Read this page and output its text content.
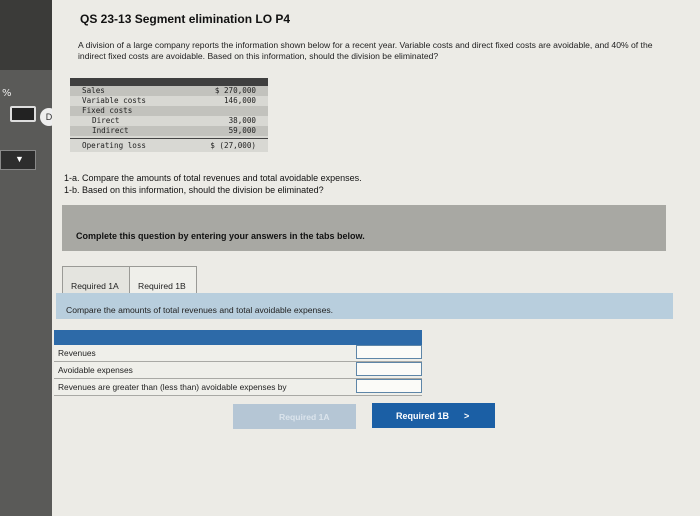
%
D
▼
QS 23-13 Segment elimination LO P4
A division of a large company reports the information shown below for a recent year. Variable costs and direct fixed costs are avoidable, and 40% of the indirect fixed costs are avoidable. Based on this information, should the division be eliminated?
Sales	$ 270,000
Variable costs	146,000
Fixed costs
Direct	38,000
Indirect	59,000
Operating loss	$ (27,000)
1-a. Compare the amounts of total revenues and total avoidable expenses.
1-b. Based on this information, should the division be eliminated?
Complete this question by entering your answers in the tabs below.
Required 1A Required 1B
Compare the amounts of total revenues and total avoidable expenses.
Revenues
Avoidable expenses
Revenues are greater than (less than) avoidable expenses by
Required 1A	Required 1B >
